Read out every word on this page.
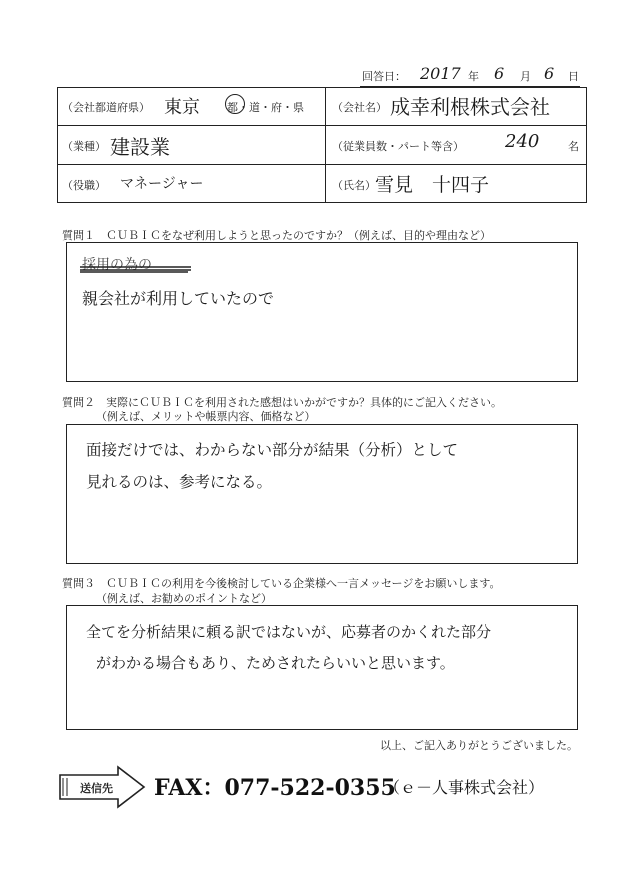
回答日： 2017 年 6 月 6 日
（会社都道府県） 東京 都・道・府・県	（会社名） 成幸利根株式会社
（業種） 建設業	（従業員数・パート等含） 240	名
（役職） マネージャー	（氏名） 雪見　十四子
質問１　ＣＵＢＩＣをなぜ利用しようと思ったのですか？（例えば、目的や理由など）
採用の為の
親会社が利用していたので
質問２　実際にＣＵＢＩＣを利用された感想はいかがですか？具体的にご記入ください。
（例えば、メリットや帳票内容、価格など）
面接だけでは、わからない部分が結果（分析）として
見れるのは、参考になる。
質問３　ＣＵＢＩＣの利用を今後検討している企業様へ一言メッセージをお願いします。
（例えば、お勧めのポイントなど）
全てを分析結果に頼る訳ではないが、応募者のかくれた部分
がわかる場合もあり、ためされたらいいと思います。
以上、ご記入ありがとうございました。
送信先 FAX：077-522-0355
（ｅ－人事株式会社）
